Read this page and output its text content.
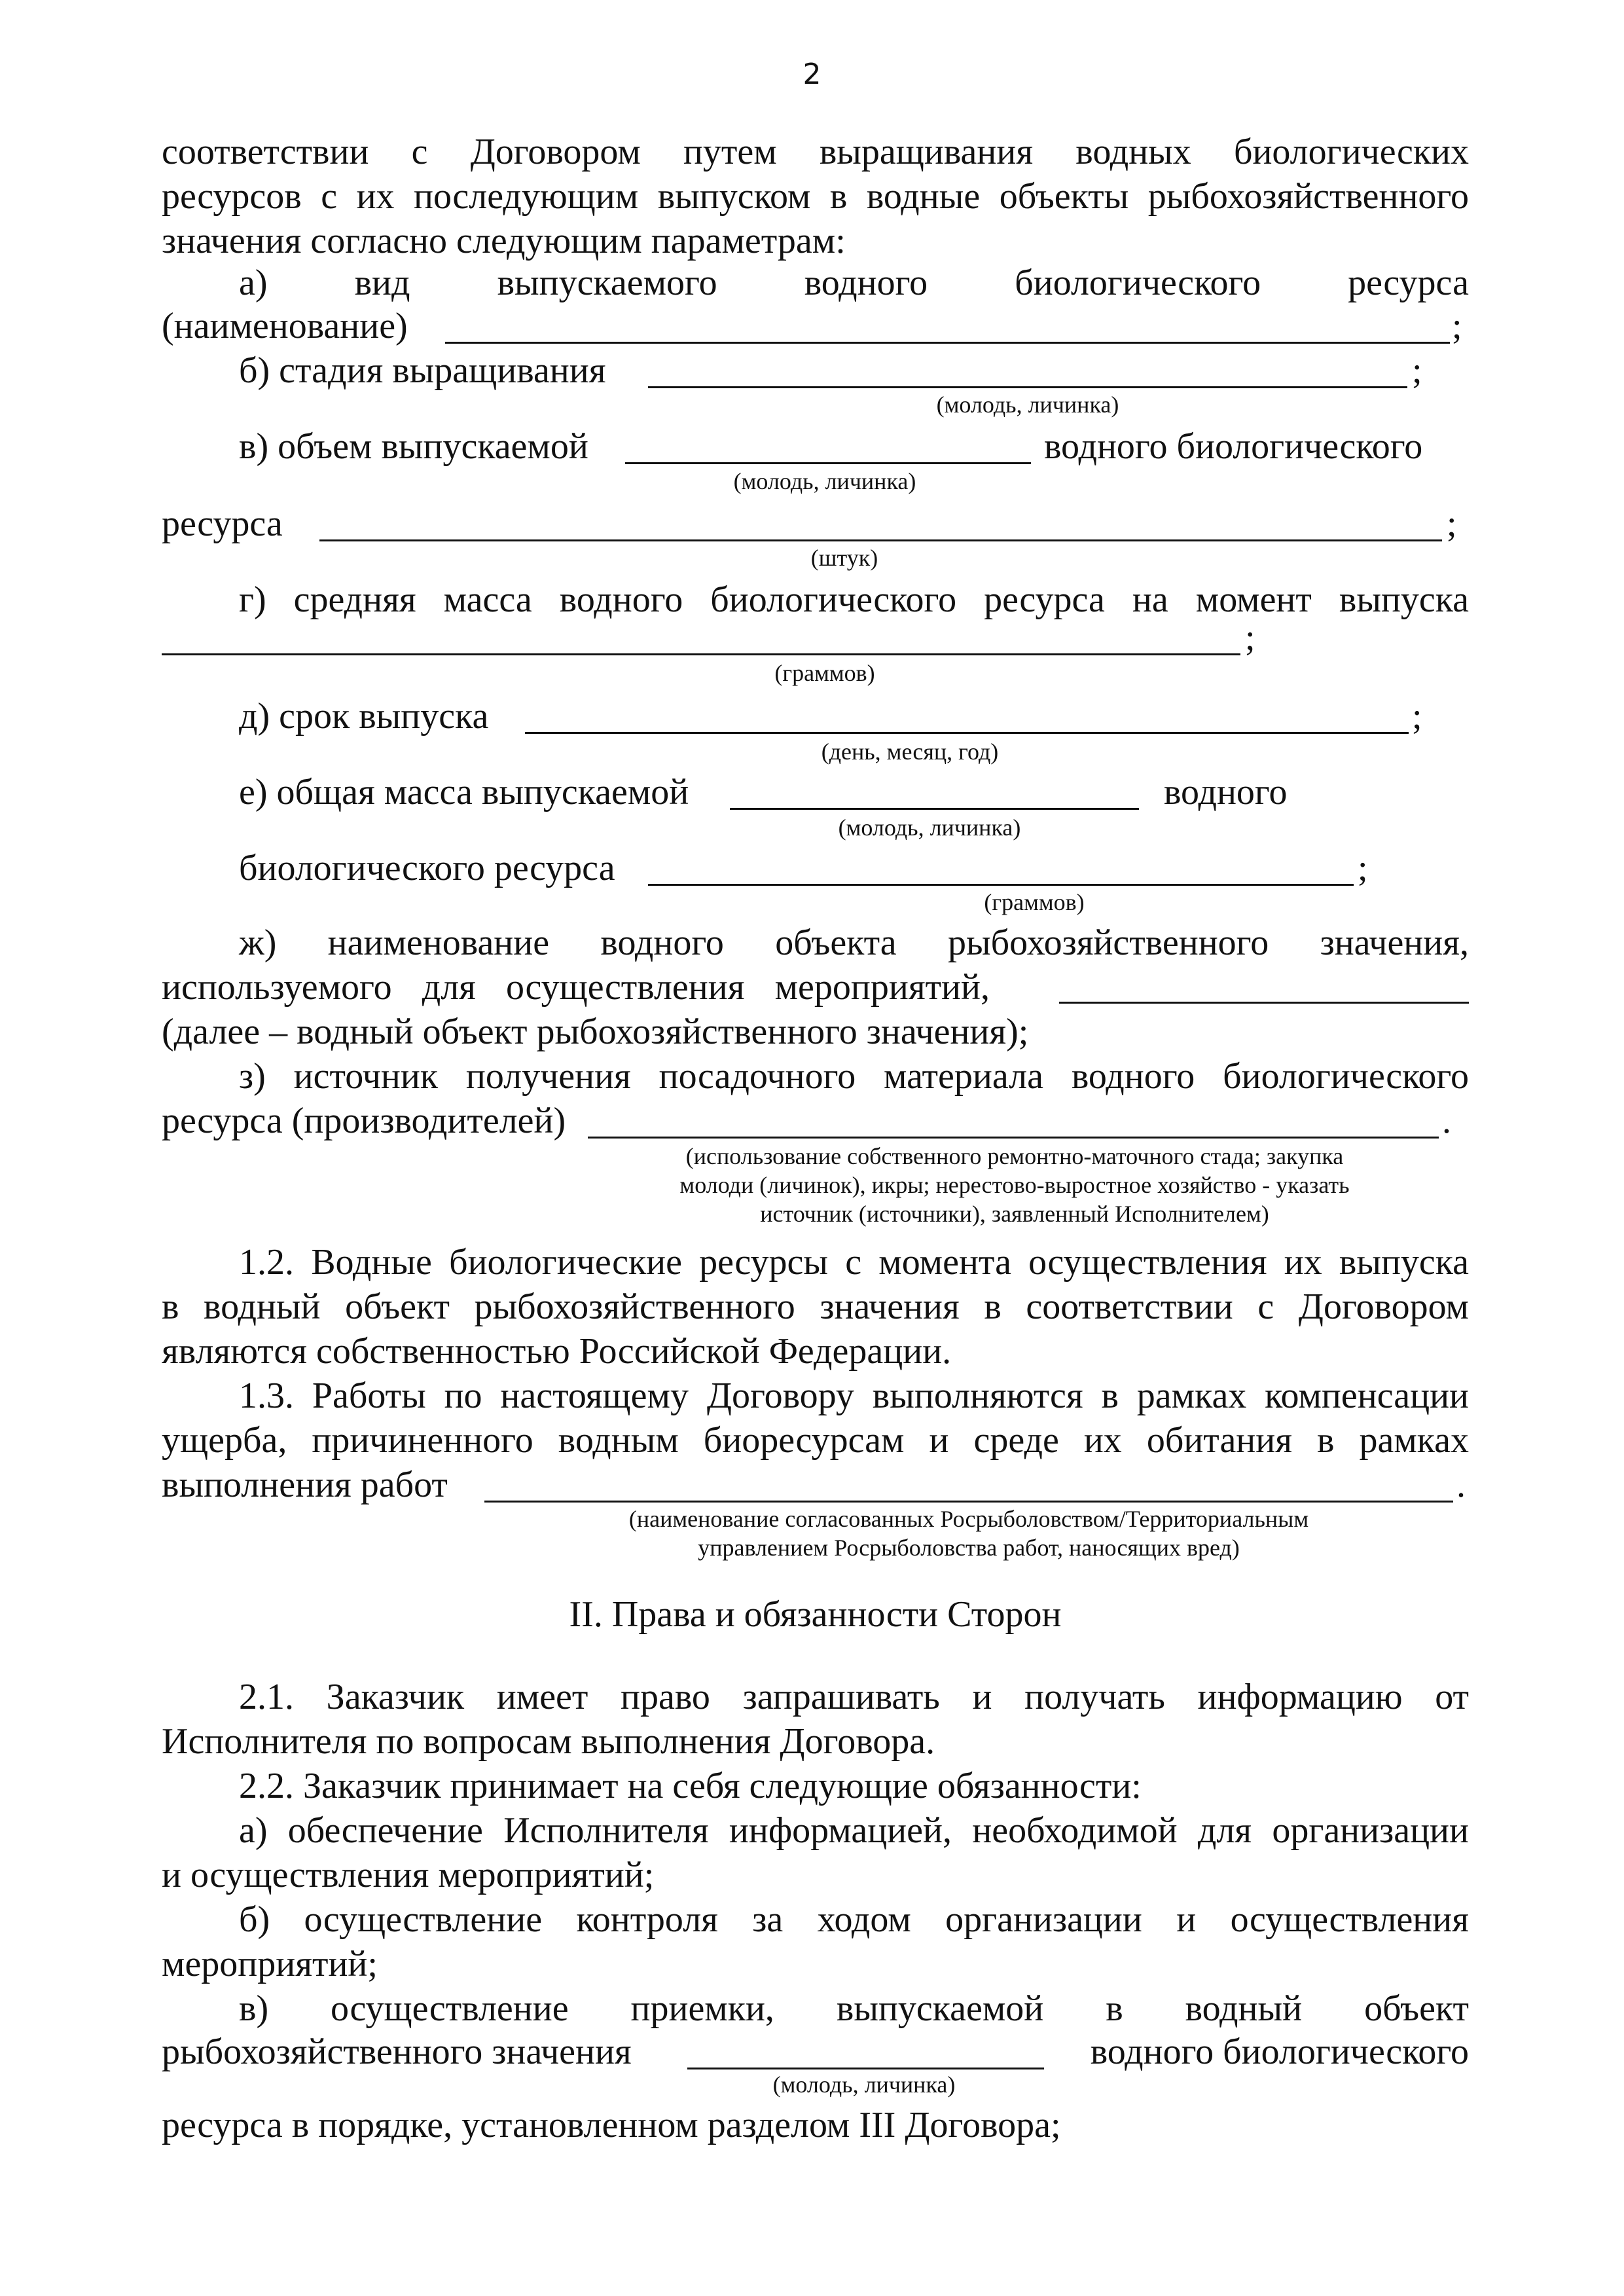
2
соответствии с Договором путем выращивания водных биологических
ресурсов с их последующим выпуском в водные объекты рыбохозяйственного
значения согласно следующим параметрам:
а) вид выпускаемого водного биологического ресурса
(наименование)	;
б) стадия выращивания	;
(молодь, личинка)
в) объем выпускаемой	водного биологического
(молодь, личинка)
ресурса	;
(штук)
г) средняя масса водного биологического ресурса на момент выпуска
;
(граммов)
д) срок выпуска	;
(день, месяц, год)
е) общая масса выпускаемой	водного
(молодь, личинка)
биологического ресурса	;
(граммов)
ж) наименование водного объекта рыбохозяйственного значения,
используемого для осуществления мероприятий,
(далее – водный объект рыбохозяйственного значения);
з) источник получения посадочного материала водного биологического
ресурса (производителей)	.
(использование собственного ремонтно-маточного стада; закупка
молоди (личинок), икры; нерестово-выростное хозяйство - указать
источник (источники), заявленный Исполнителем)
1.2. Водные биологические ресурсы с момента осуществления их выпуска
в водный объект рыбохозяйственного значения в соответствии с Договором
являются собственностью Российской Федерации.
1.3. Работы по настоящему Договору выполняются в рамках компенсации
ущерба, причиненного водным биоресурсам и среде их обитания в рамках
выполнения работ	.
(наименование согласованных Росрыболовством/Территориальным
управлением Росрыболовства работ, наносящих вред)
II. Права и обязанности Сторон
2.1. Заказчик имеет право запрашивать и получать информацию от
Исполнителя по вопросам выполнения Договора.
2.2. Заказчик принимает на себя следующие обязанности:
а) обеспечение Исполнителя информацией, необходимой для организации
и осуществления мероприятий;
б) осуществление контроля за ходом организации и осуществления
мероприятий;
в) осуществление приемки, выпускаемой в водный объект
рыбохозяйственного значения	водного биологического
(молодь, личинка)
ресурса в порядке, установленном разделом III Договора;
